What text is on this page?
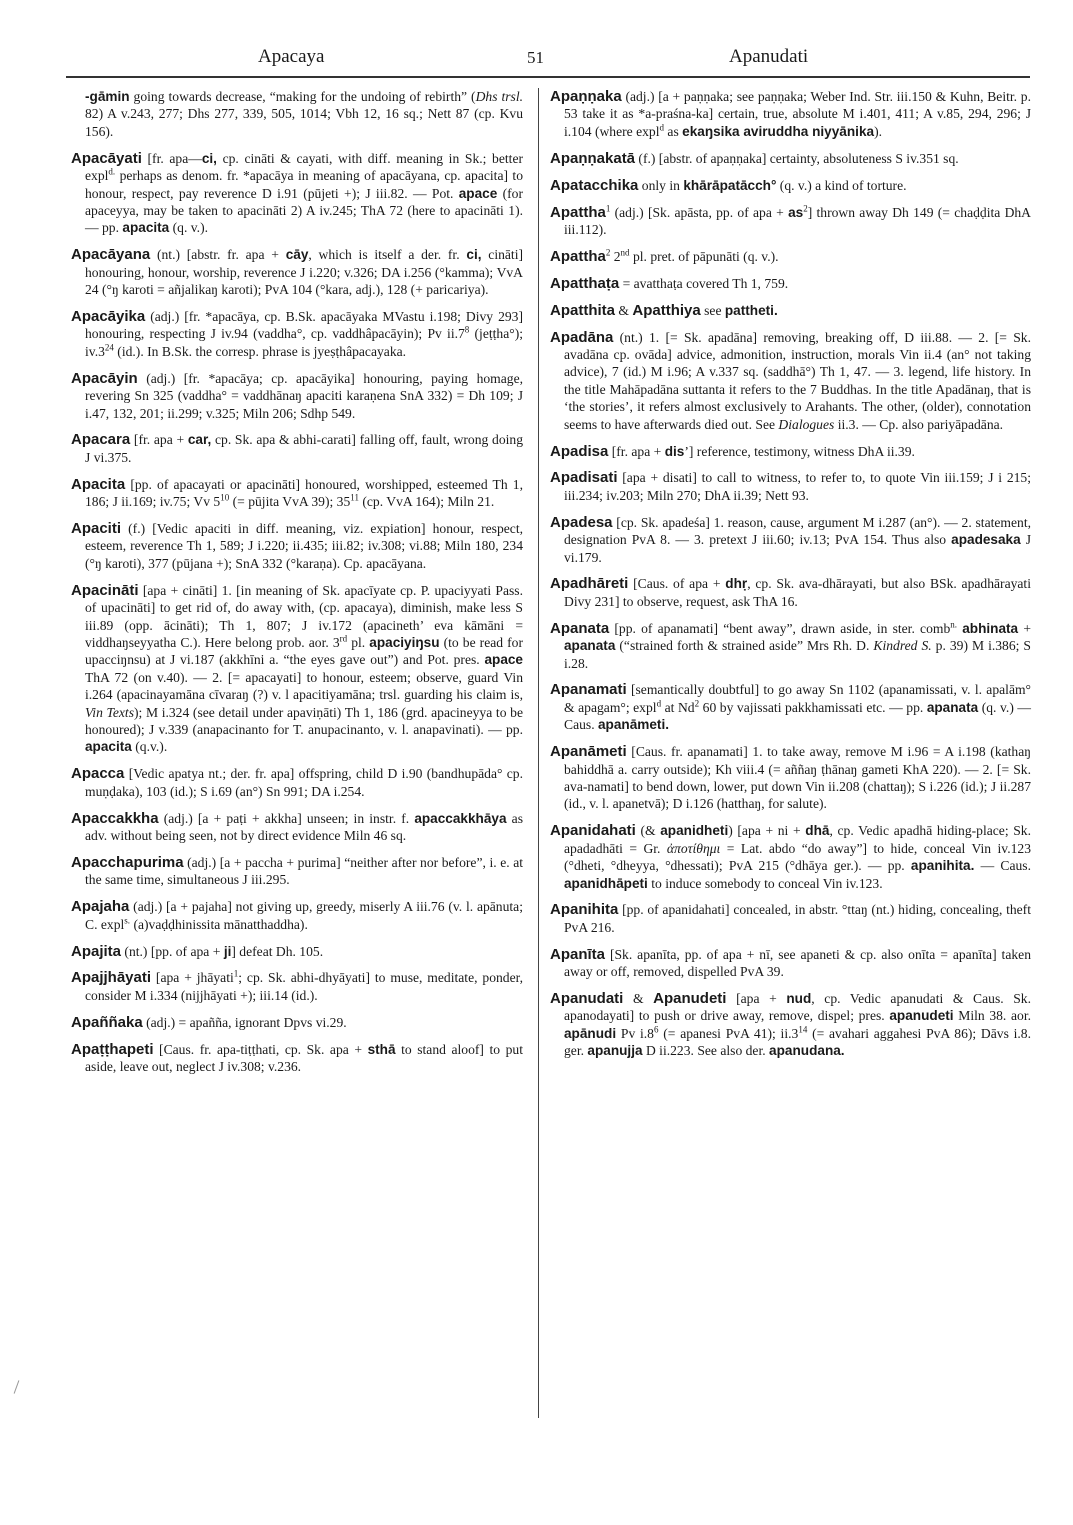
Apacaya	51	Apanudati

-gāmin going towards decrease, “making for the undoing of rebirth” (Dhs trsl. 82) A v.243, 277; Dhs 277, 339, 505, 1014; Vbh 12, 16 sq.; Nett 87 (cp. Kvu 156).

Apacāyati [fr. apa—ci, cp. cināti & cayati, with diff. meaning in Sk.; better expl$^{d.}$ perhaps as denom. fr. *apacāya in meaning of apacāyana, cp. apacita] to honour, respect, pay reverence D i.91 (pūjeti +); J iii.82. — Pot. apace (for apaceyya, may be taken to apacināti 2) A iv.245; ThA 72 (here to apacināti 1). — pp. apacita (q. v.).

Apacāyana (nt.) [abstr. fr. apa + cāy, which is itself a der. fr. ci, cināti] honouring, honour, worship, reverence J i.220; v.326; DA i.256 (°kamma); VvA 24 (°ŋ karoti = añjalikaŋ karoti); PvA 104 (°kara, adj.), 128 (+ paricariya).

Apacāyika (adj.) [fr. *apacāya, cp. B.Sk. apacāyaka MVastu i.198; Divy 293] honouring, respecting J iv.94 (vaddha°, cp. vaddhâpacāyin); Pv $ii.7^8$ (jeṭṭha°); $iv.3^{24}$ (id.). In B.Sk. the corresp. phrase is jyeṣṭhâpacayaka.

Apacāyin (adj.) [fr. *apacāya; cp. apacāyika] honouring, paying homage, revering Sn 325 (vaddha° = vaddhānaŋ apaciti karaṇena SnA 332) = Dh 109; J i.47, 132, 201; ii.299; v.325; Miln 206; Sdhp 549.

Apacara [fr. apa + car, cp. Sk. apa & abhi-carati] falling off, fault, wrong doing J vi.375.

Apacita [pp. of apacayati or apacināti] honoured, worshipped, esteemed Th 1, 186; J ii.169; iv.75; Vv $5^{10}$ (= pūjita VvA 39); $35^{11}$ (cp. VvA 164); Miln 21.

Apaciti (f.) [Vedic apaciti in diff. meaning, viz. expiation] honour, respect, esteem, reverence Th 1, 589; J i.220; ii.435; iii.82; iv.308; vi.88; Miln 180, 234 (°ŋ karoti), 377 (pūjana +); SnA 332 (°karaṇa). Cp. apacāyana.

Apacināti [apa + cināti] 1. [in meaning of Sk. apacīyate cp. P. upaciyyati Pass. of upacināti] to get rid of, do away with, (cp. apacaya), diminish, make less S iii.89 (opp. ācināti); Th 1, 807; J iv.172 (apacineth’ eva kāmāni = viddhaŋseyyatha C.). Here belong prob. aor. 3rd pl. apaciyiŋsu (to be read for upacciŋnsu) at J vi.187 (akkhīni a. “the eyes gave out”) and Pot. pres. apace ThA 72 (on v.40). — 2. [= apacayati] to honour, esteem; observe, guard Vin i.264 (apacinayamāna cīvaraŋ (?) v. l apacitiyamāna; trsl. guarding his claim is, Vin Texts); M i.324 (see detail under apaviṇāti) Th 1, 186 (grd. apacineyya to be honoured); J v.339 (anapacinanto for T. anupacinanto, v. l. anapavinati). — pp. apacita (q.v.).

Apacca [Vedic apatya nt.; der. fr. apa] offspring, child D i.90 (bandhupāda° cp. muṇḍaka), 103 (id.); S i.69 (an°) Sn 991; DA i.254.

Apaccakkha (adj.) [a + paṭi + akkha] unseen; in instr. f. apaccakkhāya as adv. without being seen, not by direct evidence Miln 46 sq.

Apacchapurima (adj.) [a + paccha + purima] “neither after nor before”, i. e. at the same time, simultaneous J iii.295.

Apajaha (adj.) [a + pajaha] not giving up, greedy, miserly A iii.76 (v. l. apānuta; C. expl$^{s.}$ (a)vaḍḍhinissita mānatthaddha).

Apajita (nt.) [pp. of apa + ji] defeat Dh. 105.

Apajjhāyati [apa + jhāyati$^1$; cp. Sk. abhi-dhyāyati] to muse, meditate, ponder, consider M i.334 (nijjhāyati +); iii.14 (id.).

Apaññaka (adj.) = apañña, ignorant Dpvs vi.29.

Apaṭṭhapeti [Caus. fr. apa-tiṭṭhati, cp. Sk. apa + sthā to stand aloof] to put aside, leave out, neglect J iv.308; v.236.

Apaṇṇaka (adj.) [a + paṇṇaka; see paṇṇaka; Weber Ind. Str. iii.150 & Kuhn, Beitr. p. 53 take it as *a-praśna-ka] certain, true, absolute M i.401, 411; A v.85, 294, 296; J i.104 (where expl$^d$ as ekaŋsika aviruddha niyyānika).

Apaṇṇakatā (f.) [abstr. of apaṇṇaka] certainty, absoluteness S iv.351 sq.

Apatacchika only in khārāpatācch° (q. v.) a kind of torture.

Apattha$^1$ (adj.) [Sk. apāsta, pp. of apa + $as^2$] thrown away Dh 149 (= chaḍḍita DhA iii.112).

Apattha$^2$ 2nd pl. pret. of pāpunāti (q. v.).

Apatthaṭa = avatthaṭa covered Th 1, 759.

Apatthita & Apatthiya see pattheti.

Apadāna (nt.) 1. [= Sk. apadāna] removing, breaking off, D iii.88. — 2. [= Sk. avadāna cp. ovāda] advice, admonition, instruction, morals Vin ii.4 (an° not taking advice), 7 (id.) M i.96; A v.337 sq. (saddhā°) Th 1, 47. — 3. legend, life history. In the title Mahāpadāna suttanta it refers to the 7 Buddhas. In the title Apadānaŋ, that is ‘the stories’, it refers almost exclusively to Arahants. The other, (older), connotation seems to have afterwards died out. See Dialogues ii.3. — Cp. also pariyāpadāna.

Apadisa [fr. apa + dis’] reference, testimony, witness DhA ii.39.

Apadisati [apa + disati] to call to witness, to refer to, to quote Vin iii.159; J i 215; iii.234; iv.203; Miln 270; DhA ii.39; Nett 93.

Apadesa [cp. Sk. apadeśa] 1. reason, cause, argument M i.287 (an°). — 2. statement, designation PvA 8. — 3. pretext J iii.60; iv.13; PvA 154. Thus also apadesaka J vi.179.

Apadhāreti [Caus. of apa + dhṛ, cp. Sk. ava-dhārayati, but also BSk. apadhārayati Divy 231] to observe, request, ask ThA 16.

Apanata [pp. of apanamati] “bent away”, drawn aside, in ster. comb$^{n.}$ abhinata + apanata (“strained forth & strained aside” Mrs Rh. D. Kindred S. p. 39) M i.386; S i.28.

Apanamati [semantically doubtful] to go away Sn 1102 (apanamissati, v. l. apalām° & apagam°; expl$^d$ at Nd$^2$ 60 by vajissati pakkhamissati etc. — pp. apanata (q. v.) — Caus. apanāmeti.

Apanāmeti [Caus. fr. apanamati] 1. to take away, remove M i.96 = A i.198 (kathaŋ bahiddhā a. carry outside); Kh viii.4 (= aññaŋ ṭhānaŋ gameti KhA 220). — 2. [= Sk. ava-namati] to bend down, lower, put down Vin ii.208 (chattaŋ); S i.226 (id.); J ii.287 (id., v. l. apanetvā); D i.126 (hatthaŋ, for salute).

Apanidahati (& apanidheti) [apa + ni + dhā, cp. Vedic apadhā hiding-place; Sk. apadadhāti = Gr. ἀποτίθημι = Lat. abdo “do away”] to hide, conceal Vin iv.123 (°dheti, °dheyya, °dhessati); PvA 215 (°dhāya ger.). — pp. apanihita. — Caus. apanidhāpeti to induce somebody to conceal Vin iv.123.

Apanihita [pp. of apanidahati] concealed, in abstr. °ttaŋ (nt.) hiding, concealing, theft PvA 216.

Apanīta [Sk. apanīta, pp. of apa + nī, see apaneti & cp. also onīta = apanīta] taken away or off, removed, dispelled PvA 39.

Apanudati & Apanudeti [apa + nud, cp. Vedic apanudati & Caus. Sk. apanodayati] to push or drive away, remove, dispel; pres. apanudeti Miln 38. aor. apānudi Pv $i.8^6$ (= apanesi PvA 41); $ii.3^{14}$ (= avahari aggahesi PvA 86); Dāvs i.8. ger. apanujja D ii.223. See also der. apanudana.
